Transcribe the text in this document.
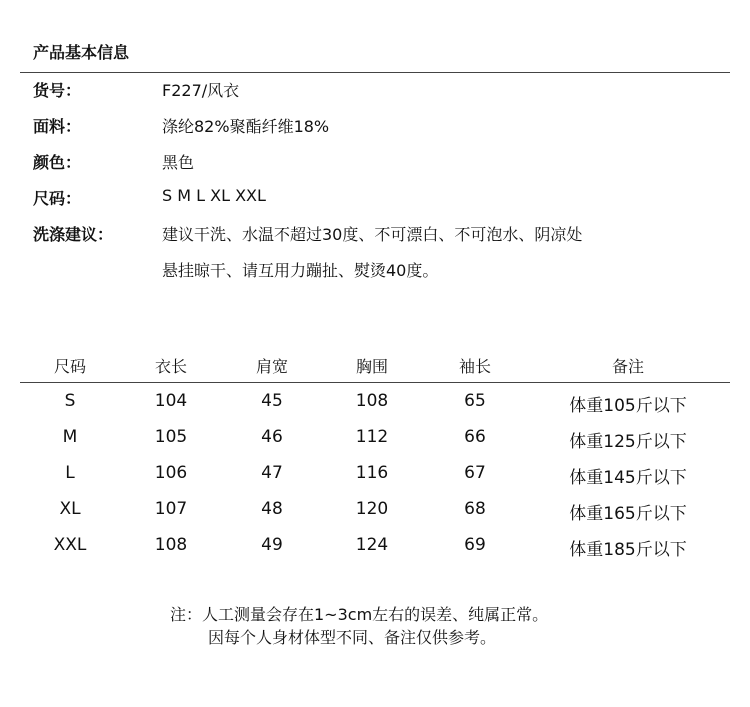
产品基本信息
货号：	F227/风衣
面料：	涤纶82%聚酯纤维18%
颜色：	黑色
尺码：	S M L XL XXL
洗涤建议：	建议干洗、水温不超过30度、不可漂白、不可泡水、阴凉处
悬挂晾干、请互用力蹦扯、熨烫40度。
尺码	衣长	肩宽	胸围	袖长	备注
S	104	45	108	65	体重105斤以下
M	105	46	112	66	体重125斤以下
L	106	47	116	67	体重145斤以下
XL	107	48	120	68	体重165斤以下
XXL	108	49	124	69	体重185斤以下
注：人工测量会存在1~3cm左右的误差、纯属正常。
因每个人身材体型不同、备注仅供参考。
